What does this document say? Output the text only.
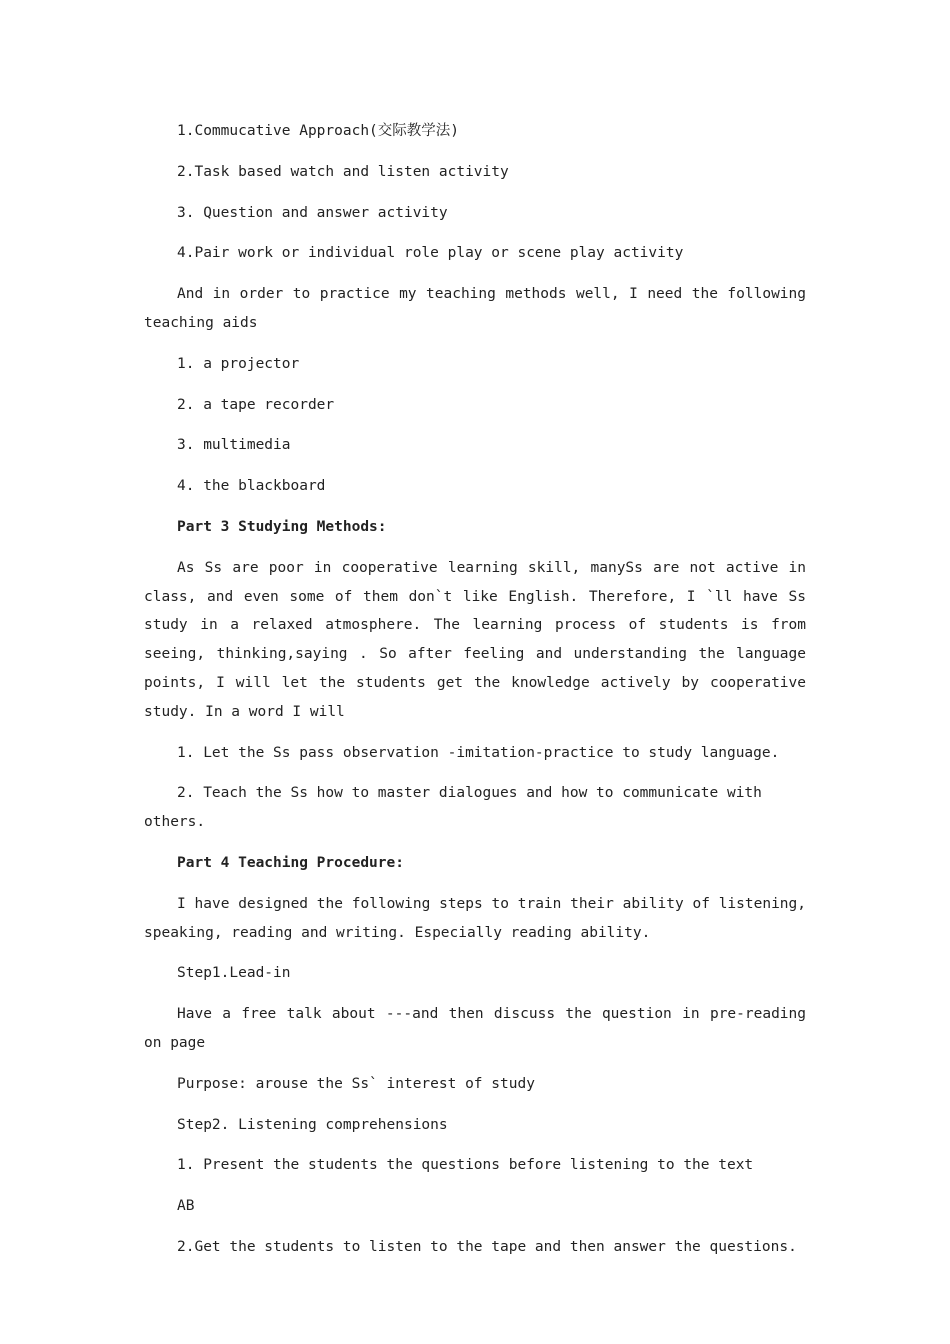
1.Commucative Approach(交际教学法)

2.Task based watch and listen activity

3. Question and answer activity

4.Pair work or individual role play or scene play activity

And in order to practice my teaching methods well, I need the following teaching aids

1. a projector

2. a tape recorder

3. multimedia

4. the blackboard

Part 3 Studying Methods:

As Ss are poor in cooperative learning skill, manySs are not active in class, and even some of them don`t like English. Therefore, I `ll have Ss study in a relaxed atmosphere. The learning process of students is from seeing, thinking,saying . So after feeling and understanding the language points, I will let the students get the knowledge actively by cooperative study. In a word I will

1. Let the Ss pass observation -imitation-practice to study language.

2. Teach the Ss how to master dialogues and how to communicate with others.

Part 4 Teaching Procedure:

I have designed the following steps to train their ability of listening, speaking, reading and writing. Especially reading ability.

Step1.Lead-in

Have a free talk about ---and then discuss the question in pre-reading on page

Purpose: arouse the Ss` interest of study

Step2. Listening comprehensions

1. Present the students the questions before listening to the text

AB

2.Get the students to listen to the tape and then answer the questions.
